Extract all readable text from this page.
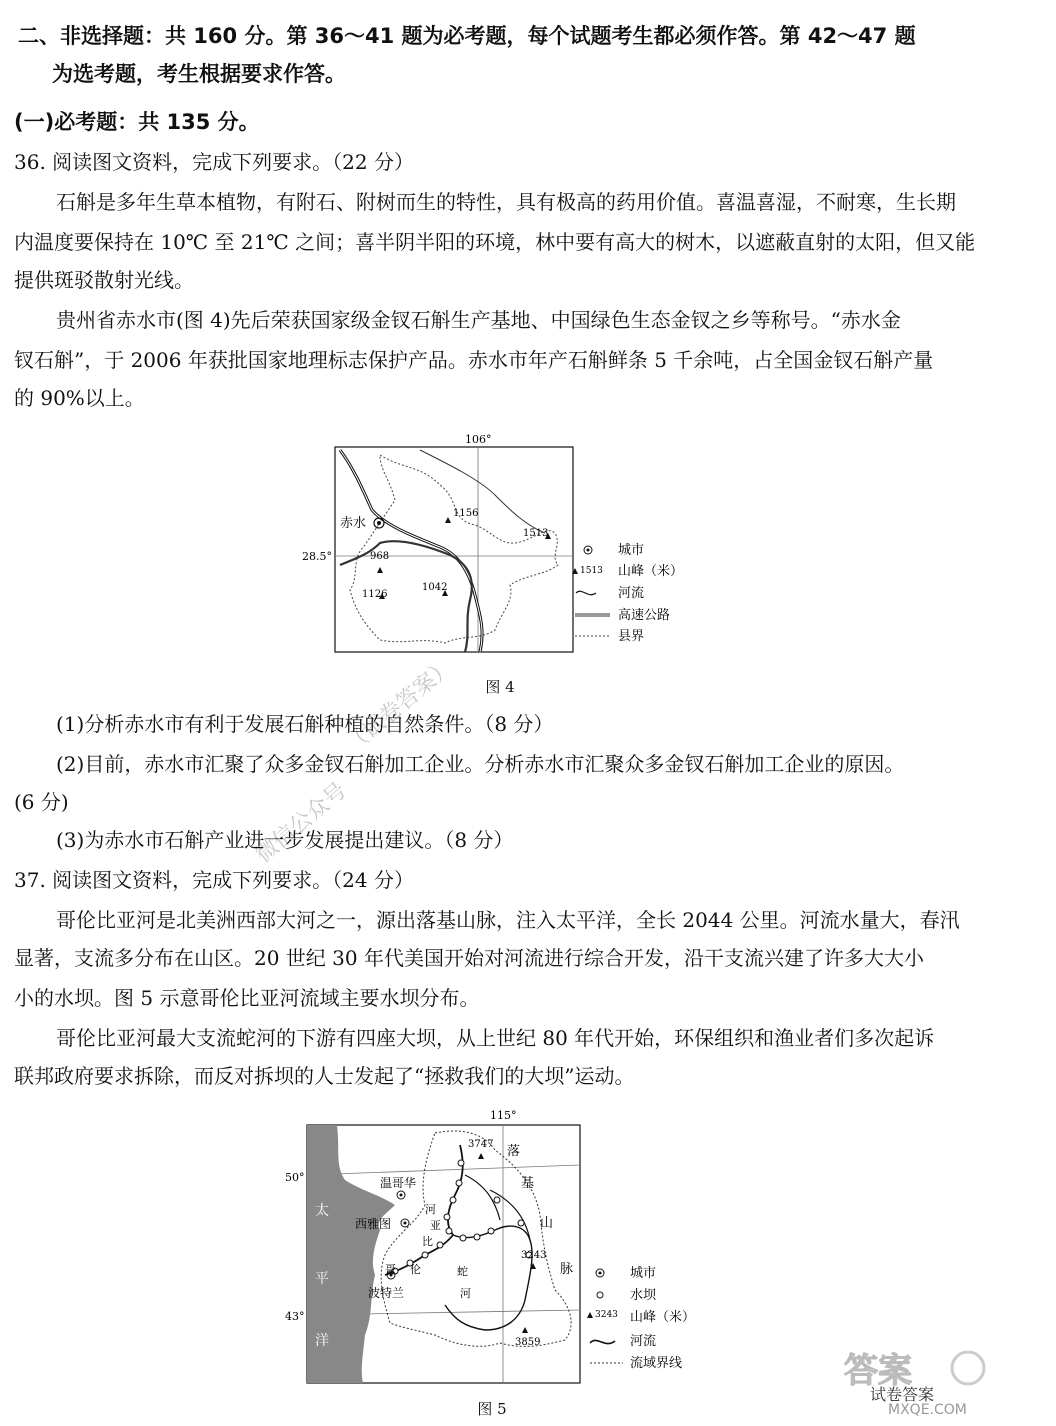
二、非选择题：共 160 分。第 36～41 题为必考题，每个试题考生都必须作答。第 42～47 题
为选考题，考生根据要求作答。
(一)必考题：共 135 分。
36. 阅读图文资料，完成下列要求。（22 分）
石斛是多年生草本植物，有附石、附树而生的特性，具有极高的药用价值。喜温喜湿，不耐寒，生长期
内温度要保持在 10℃ 至 21℃ 之间；喜半阴半阳的环境，林中要有高大的树木，以遮蔽直射的太阳，但又能
提供斑驳散射光线。
贵州省赤水市(图 4)先后荣获国家级金钗石斛生产基地、中国绿色生态金钗之乡等称号。“赤水金
钗石斛”，于 2006 年获批国家地理标志保护产品。赤水市年产石斛鲜条 5 千余吨，占全国金钗石斛产量
的 90%以上。
106°
28.5°
赤水
1156
1513
968
1042
1126
城市
1513 山峰（米）
河流
高速公路
县界
图 4
(1)分析赤水市有利于发展石斛种植的自然条件。（8 分）
(2)目前，赤水市汇聚了众多金钗石斛加工企业。分析赤水市汇聚众多金钗石斛加工企业的原因。
(6 分)
(3)为赤水市石斛产业进一步发展提出建议。（8 分）
37. 阅读图文资料，完成下列要求。（24 分）
哥伦比亚河是北美洲西部大河之一，源出落基山脉，注入太平洋，全长 2044 公里。河流水量大，春汛
显著，支流多分布在山区。20 世纪 30 年代美国开始对河流进行综合开发，沿干支流兴建了许多大大小
小的水坝。图 5 示意哥伦比亚河流域主要水坝分布。
哥伦比亚河最大支流蛇河的下游有四座大坝，从上世纪 80 年代开始，环保组织和渔业者们多次起诉
联邦政府要求拆除，而反对拆坝的人士发起了“拯救我们的大坝”运动。
温哥华
西雅图
波特兰
哥 伦
比
亚
河
蛇
河
落
基
山
脉
3747
3243
3859
太
平
洋
115°
50°
43°
城市
水坝
3243 山峰（米）
河流
流域界线
图 5
微信公众号
（试卷答案）
答案
试卷答案
MXQE.COM
